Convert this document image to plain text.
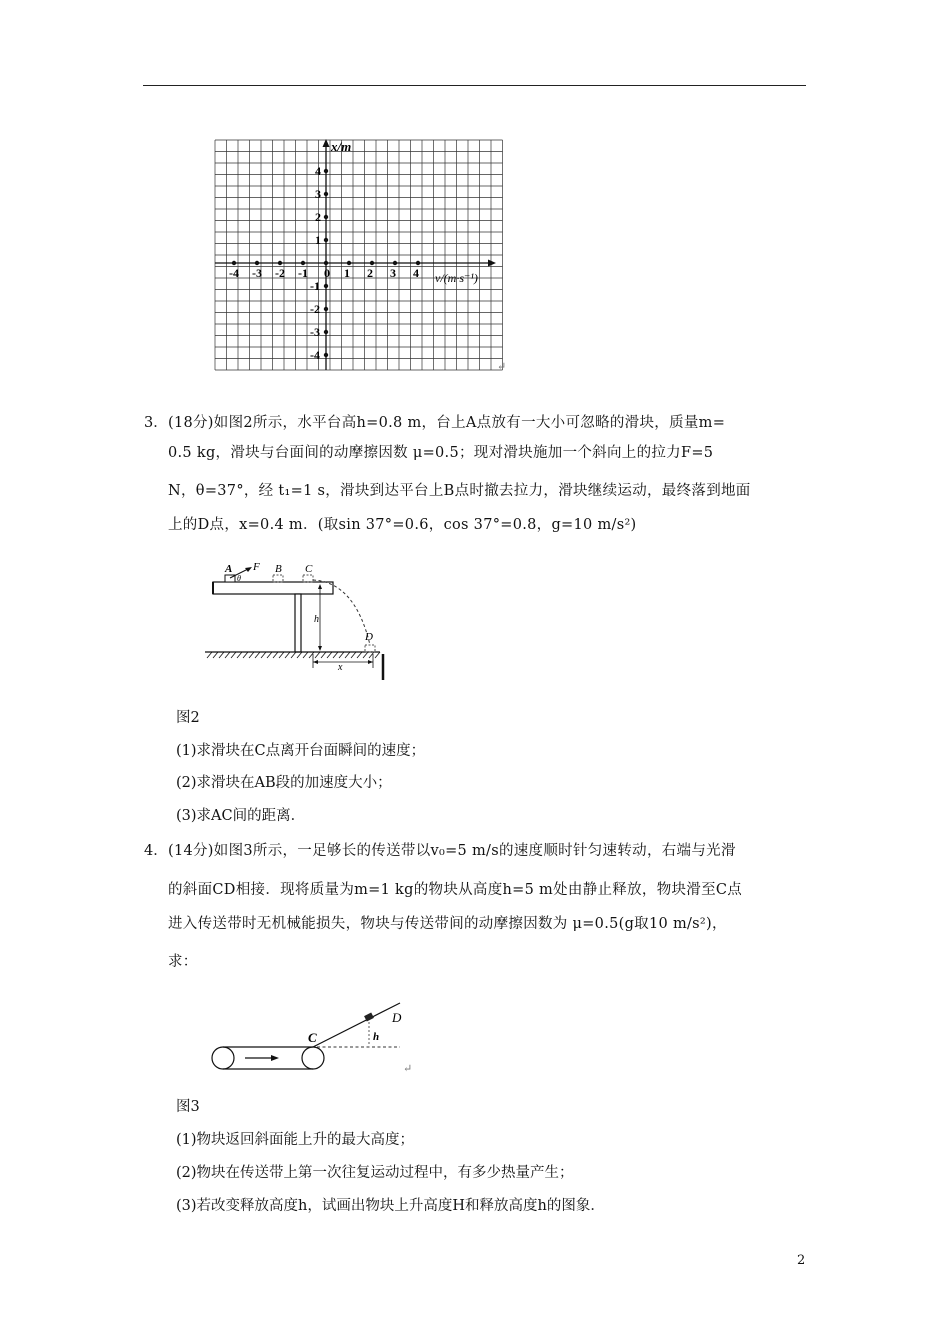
x/m
v/(m·s⁻¹)
-4 -3 -2 -1 0 1 2 3 4
4
3
2
1
-1
-2
-3
-4
↵
3． (18分)如图2所示，水平台高h=0.8 m，台上A点放有一大小可忽略的滑块，质量m=
0.5 kg，滑块与台面间的动摩擦因数 μ=0.5；现对滑块施加一个斜向上的拉力F=5
N，θ=37°，经 t₁=1 s，滑块到达平台上B点时撤去拉力，滑块继续运动，最终落到地面
上的D点，x=0.4 m．(取sin 37°=0.6，cos 37°=0.8，g=10 m/s²)
A F
θ
B C
D
h
x
图2
(1)求滑块在C点离开台面瞬间的速度；
(2)求滑块在AB段的加速度大小；
(3)求AC间的距离．
4． (14分)如图3所示，一足够长的传送带以v₀=5 m/s的速度顺时针匀速转动，右端与光滑
的斜面CD相接．现将质量为m=1 kg的物块从高度h=5 m处由静止释放，物块滑至C点
进入传送带时无机械能损失，物块与传送带间的动摩擦因数为 μ=0.5(g取10 m/s²)，
求：
h
C
D
↵
图3
(1)物块返回斜面能上升的最大高度；
(2)物块在传送带上第一次往复运动过程中，有多少热量产生；
(3)若改变释放高度h，试画出物块上升高度H和释放高度h的图象．
2
